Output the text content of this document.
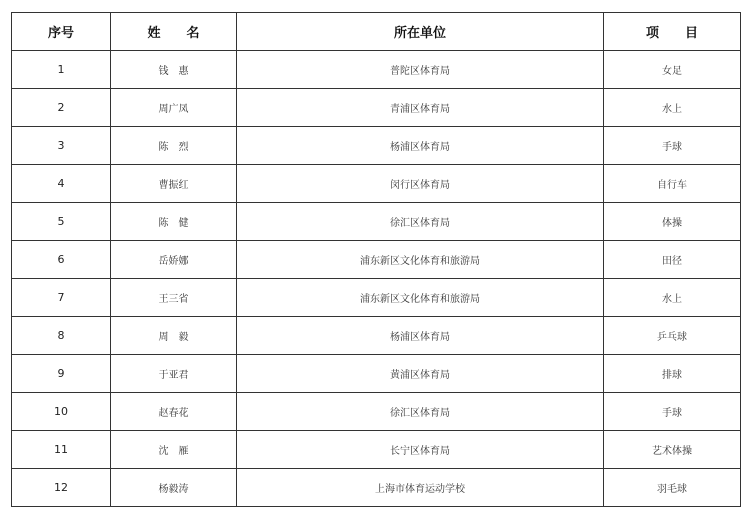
序号	姓　　名	所在单位	项　　目
1	钱　惠	普陀区体育局	女足
2	周广凤	青浦区体育局	水上
3	陈　烈	杨浦区体育局	手球
4	曹振红	闵行区体育局	自行车
5	陈　健	徐汇区体育局	体操
6	岳娇娜	浦东新区文化体育和旅游局	田径
7	王三省	浦东新区文化体育和旅游局	水上
8	周　毅	杨浦区体育局	乒乓球
9	于亚君	黄浦区体育局	排球
10	赵春花	徐汇区体育局	手球
11	沈　雁	长宁区体育局	艺术体操
12	杨毅涛	上海市体育运动学校	羽毛球
